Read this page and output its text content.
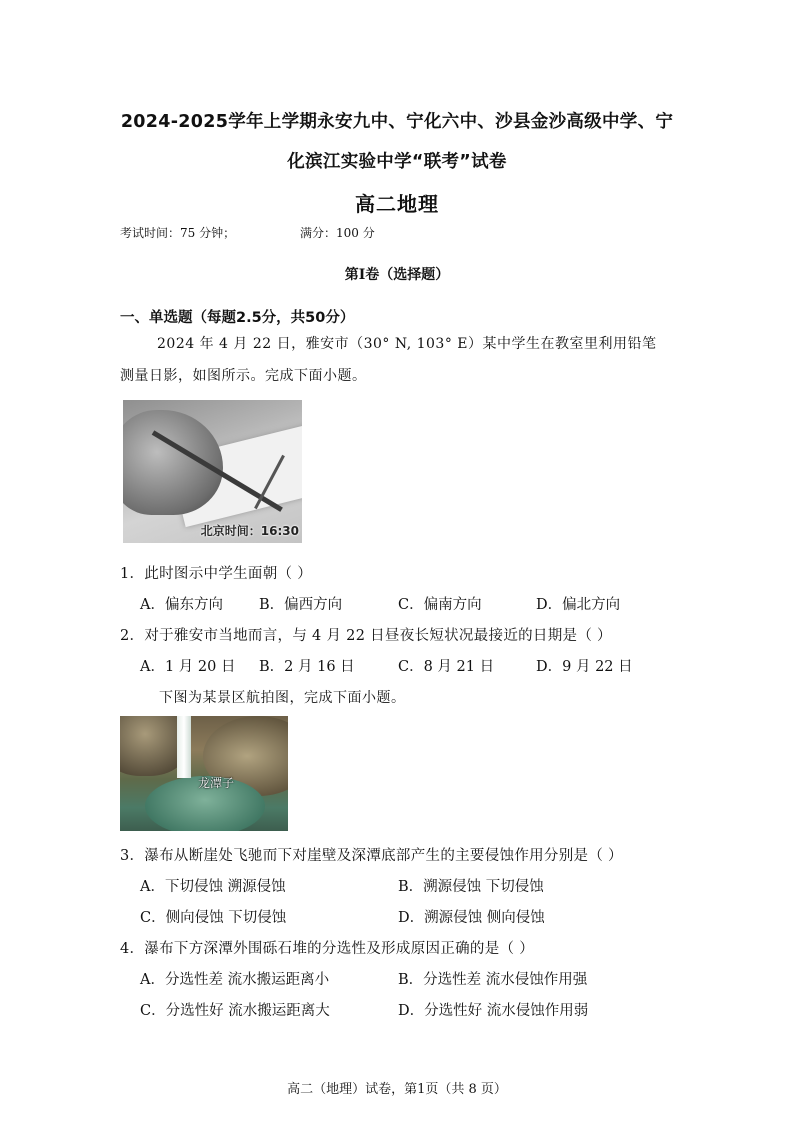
2024-2025学年上学期永安九中、宁化六中、沙县金沙高级中学、宁
化滨江实验中学“联考”试卷
高二地理
考试时间：75 分钟；	满分：100 分
第Ⅰ卷（选择题）
一、单选题（每题2.5分，共50分）
2024 年 4 月 22 日，雅安市（30° N, 103° E）某中学生在教室里利用铅笔
测量日影，如图所示。完成下面小题。
北京时间：16:30
1．此时图示中学生面朝（ ）
A．偏东方向 B．偏西方向	C．偏南方向	D．偏北方向
2．对于雅安市当地而言，与 4 月 22 日昼夜长短状况最接近的日期是（ ）
A．1 月 20 日 B．2 月 16 日	C．8 月 21 日	D．9 月 22 日
下图为某景区航拍图，完成下面小题。
龙潭子
3．瀑布从断崖处飞驰而下对崖壁及深潭底部产生的主要侵蚀作用分别是（ ）
A．下切侵蚀 溯源侵蚀	B．溯源侵蚀 下切侵蚀
C．侧向侵蚀 下切侵蚀	D．溯源侵蚀 侧向侵蚀
4．瀑布下方深潭外围砾石堆的分选性及形成原因正确的是（ ）
A．分选性差 流水搬运距离小	B．分选性差 流水侵蚀作用强
C．分选性好 流水搬运距离大	D．分选性好 流水侵蚀作用弱
高二（地理）试卷，第1页（共 8 页）
